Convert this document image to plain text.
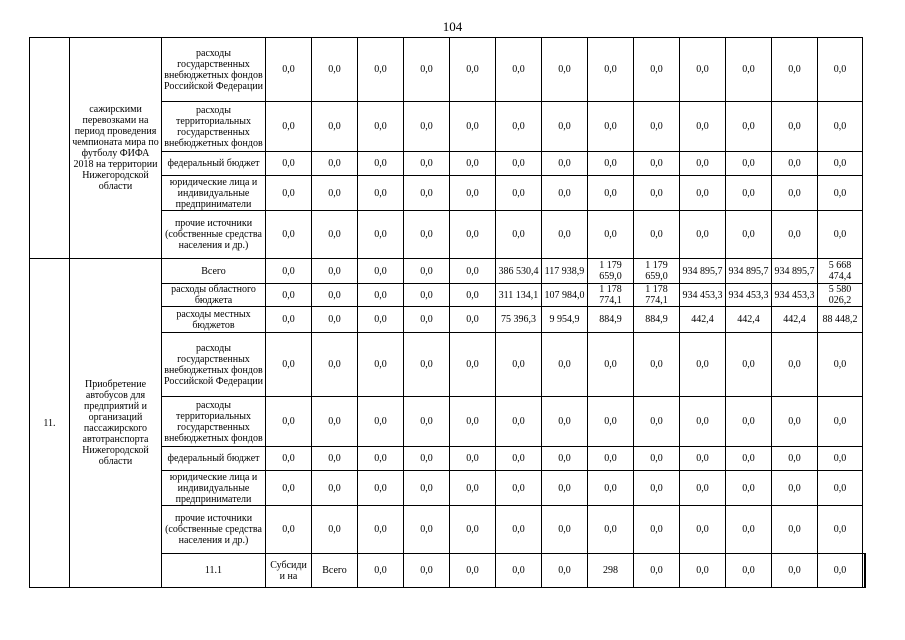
104
	сажирскими перевозками на период проведения чемпионата мира по футболу ФИФА 2018 на территории Нижегородской области	расходы государственных внебюджетных фондов Российской Федерации	0,0	0,0	0,0	0,0	0,0	0,0	0,0	0,0	0,0	0,0	0,0	0,0	0,0		
		расходы территориальных государственных внебюджетных фондов	0,0	0,0	0,0	0,0	0,0	0,0	0,0	0,0	0,0	0,0	0,0	0,0	0,0		
		федеральный бюджет	0,0	0,0	0,0	0,0	0,0	0,0	0,0	0,0	0,0	0,0	0,0	0,0	0,0		
		юридические лица и индивидуальные предприниматели	0,0	0,0	0,0	0,0	0,0	0,0	0,0	0,0	0,0	0,0	0,0	0,0	0,0		
		прочие источники (собственные средства населения и др.)	0,0	0,0	0,0	0,0	0,0	0,0	0,0	0,0	0,0	0,0	0,0	0,0	0,0		
11.	Приобретение автобусов для предприятий и организаций пассажирского автотранспорта Нижегородской области	Всего	0,0	0,0	0,0	0,0	0,0	386 530,4	117 938,9	1 179 659,0	1 179 659,0	934 895,7	934 895,7	934 895,7	5 668 474,4		
		расходы областного бюджета	0,0	0,0	0,0	0,0	0,0	311 134,1	107 984,0	1 178 774,1	1 178 774,1	934 453,3	934 453,3	934 453,3	5 580 026,2		
		расходы местных бюджетов	0,0	0,0	0,0	0,0	0,0	75 396,3	9 954,9	884,9	884,9	442,4	442,4	442,4	88 448,2		
		расходы государственных внебюджетных фондов Российской Федерации	0,0	0,0	0,0	0,0	0,0	0,0	0,0	0,0	0,0	0,0	0,0	0,0	0,0		
		расходы территориальных государственных внебюджетных фондов	0,0	0,0	0,0	0,0	0,0	0,0	0,0	0,0	0,0	0,0	0,0	0,0	0,0		
		федеральный бюджет	0,0	0,0	0,0	0,0	0,0	0,0	0,0	0,0	0,0	0,0	0,0	0,0	0,0		
		юридические лица и индивидуальные предприниматели	0,0	0,0	0,0	0,0	0,0	0,0	0,0	0,0	0,0	0,0	0,0	0,0	0,0		
		прочие источники (собственные средства населения и др.)	0,0	0,0	0,0	0,0	0,0	0,0	0,0	0,0	0,0	0,0	0,0	0,0	0,0		
		11.1	Субсидии на	Всего	0,0	0,0	0,0	0,0	0,0	298	0,0	0,0	0,0	0,0	0,0		
